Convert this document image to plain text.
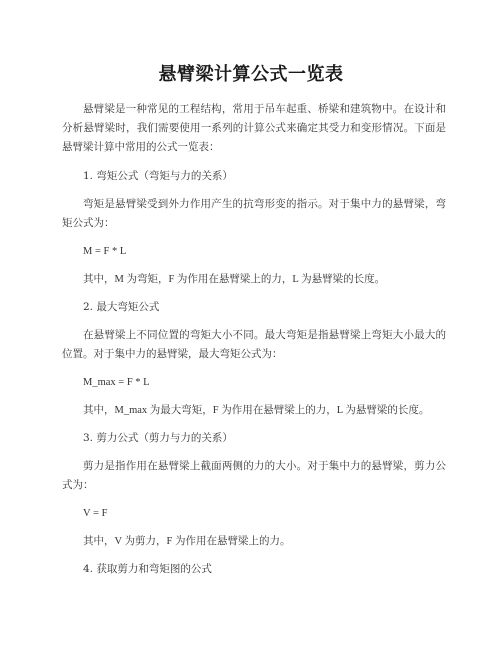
悬臂梁计算公式一览表

悬臂梁是一种常见的工程结构，常用于吊车起重、桥梁和建筑物中。在设计和分析悬臂梁时，我们需要使用一系列的计算公式来确定其受力和变形情况。下面是悬臂梁计算中常用的公式一览表：

1. 弯矩公式（弯矩与力的关系）

弯矩是悬臂梁受到外力作用产生的抗弯形变的指示。对于集中力的悬臂梁，弯矩公式为：

M = F * L
其中，M 为弯矩，F 为作用在悬臂梁上的力，L 为悬臂梁的长度。
2. 最大弯矩公式

在悬臂梁上不同位置的弯矩大小不同。最大弯矩是指悬臂梁上弯矩大小最大的位置。对于集中力的悬臂梁，最大弯矩公式为：

M_max = F * L
其中，M_max 为最大弯矩，F 为作用在悬臂梁上的力，L 为悬臂梁的长度。
3. 剪力公式（剪力与力的关系）

剪力是指作用在悬臂梁上截面两侧的力的大小。对于集中力的悬臂梁，剪力公式为：

V = F
其中，V 为剪力，F 为作用在悬臂梁上的力。
4. 获取剪力和弯矩图的公式
